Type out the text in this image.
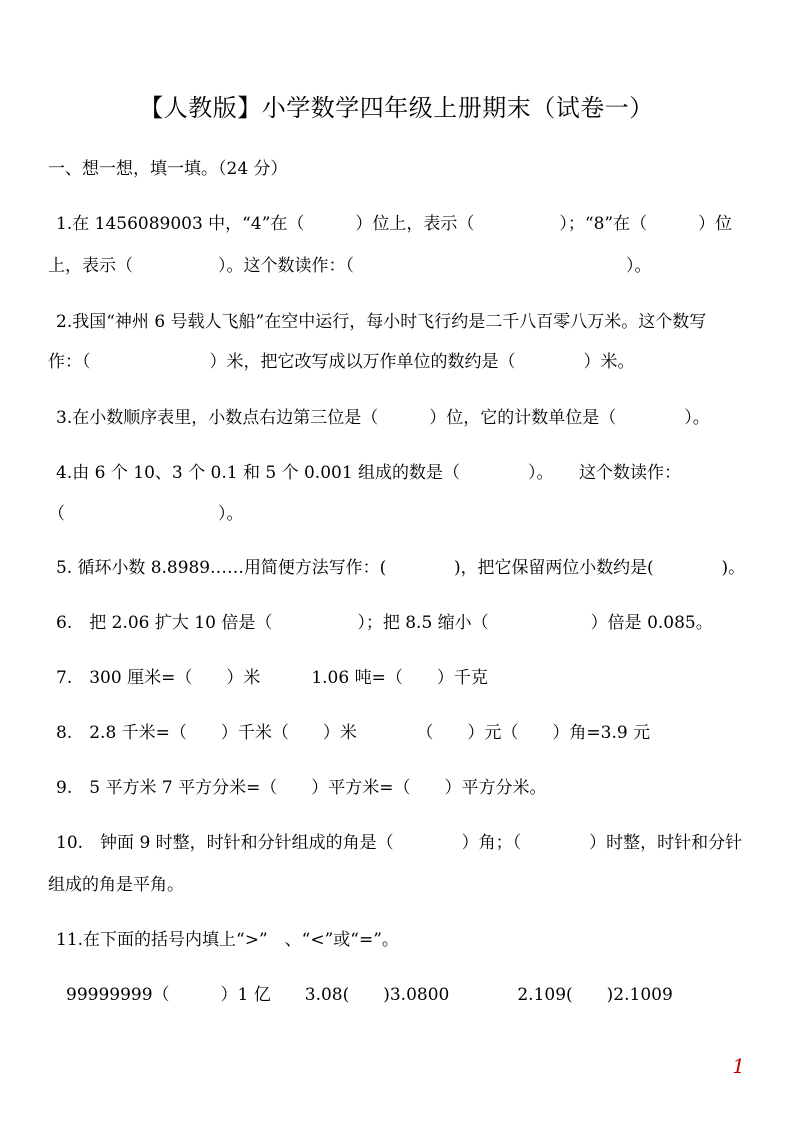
【人教版】小学数学四年级上册期末（试卷一）
一、想一想，填一填。（24 分）
1.在 1456089003 中，“4”在（　　　）位上，表示（　　　　　）；“8”在（　　　）位
上，表示（　　　　　）。这个数读作：（　　　　　　　　　　　　　　　　）。
2.我国“神州 6 号载人飞船”在空中运行，每小时飞行约是二千八百零八万米。这个数写
作：（　　　　　　　）米，把它改写成以万作单位的数约是（　　　　）米。
3.在小数顺序表里，小数点右边第三位是（　　　）位，它的计数单位是（　　　　）。
4.由 6 个 10、3 个 0.1 和 5 个 0.001 组成的数是（　　　　）。　　这个数读作：
（　　　　　　　　　）。
5. 循环小数 8.8989……用简便方法写作：(　　　　)，把它保留两位小数约是(　　　　)。
6.　把 2.06 扩大 10 倍是（　　　　　）；把 8.5 缩小（　　　　　　）倍是 0.085。
7.　300 厘米=（　　）米　　　1.06 吨=（　　）千克
8.　2.8 千米=（　　）千米（　　）米　　　　（　　）元（　　）角=3.9 元
9.　5 平方米 7 平方分米=（　　）平方米=（　　）平方分米。
10.　钟面 9 时整，时针和分针组成的角是（　　　　）角；（　　　　）时整，时针和分针
组成的角是平角。
11.在下面的括号内填上“>”　、“<”或“=”。
99999999（　　　）1 亿　　3.08(　　)3.0800　　　　2.109(　　)2.1009
1
